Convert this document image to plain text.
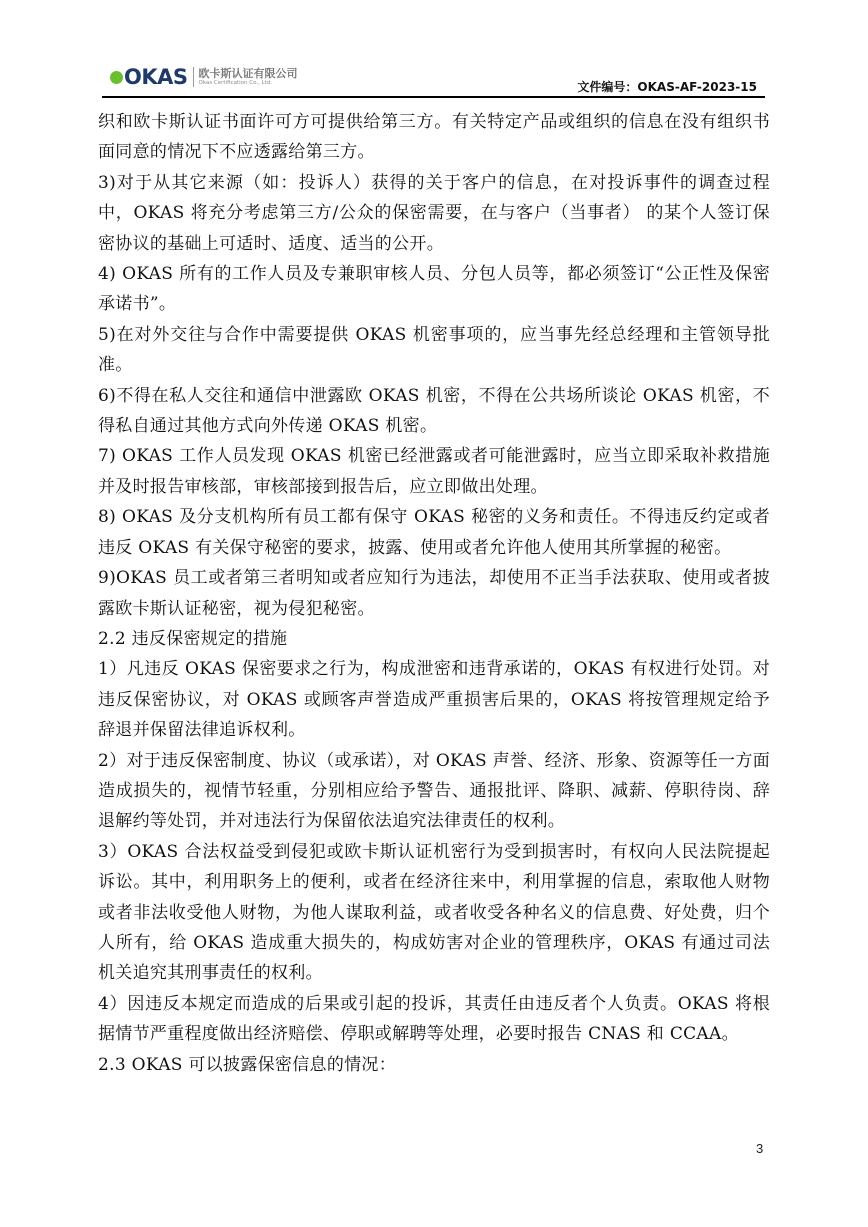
OKAS 欧卡斯认证有限公司
Okas Certification Co., Ltd.	文件编号：OKAS-AF-2023-15

织和欧卡斯认证书面许可方可提供给第三方。有关特定产品或组织的信息在没有组织书面同意的情况下不应透露给第三方。

3)对于从其它来源（如：投诉人）获得的关于客户的信息，在对投诉事件的调查过程中，OKAS 将充分考虑第三方/公众的保密需要，在与客户（当事者） 的某个人签订保密协议的基础上可适时、适度、适当的公开。

4) OKAS 所有的工作人员及专兼职审核人员、分包人员等，都必须签订“公正性及保密承诺书”。

5)在对外交往与合作中需要提供 OKAS 机密事项的，应当事先经总经理和主管领导批准。

6)不得在私人交往和通信中泄露欧 OKAS 机密，不得在公共场所谈论 OKAS 机密，不得私自通过其他方式向外传递 OKAS 机密。

7) OKAS 工作人员发现 OKAS 机密已经泄露或者可能泄露时，应当立即采取补救措施并及时报告审核部，审核部接到报告后，应立即做出处理。

8) OKAS 及分支机构所有员工都有保守 OKAS 秘密的义务和责任。不得违反约定或者违反 OKAS 有关保守秘密的要求，披露、使用或者允许他人使用其所掌握的秘密。

9)OKAS 员工或者第三者明知或者应知行为违法，却使用不正当手法获取、使用或者披露欧卡斯认证秘密，视为侵犯秘密。

2.2 违反保密规定的措施

1）凡违反 OKAS 保密要求之行为，构成泄密和违背承诺的，OKAS 有权进行处罚。对违反保密协议，对 OKAS 或顾客声誉造成严重损害后果的，OKAS 将按管理规定给予辞退并保留法律追诉权利。

2）对于违反保密制度、协议（或承诺），对 OKAS 声誉、经济、形象、资源等任一方面造成损失的，视情节轻重，分别相应给予警告、通报批评、降职、减薪、停职待岗、辞退解约等处罚，并对违法行为保留依法追究法律责任的权利。

3）OKAS 合法权益受到侵犯或欧卡斯认证机密行为受到损害时，有权向人民法院提起诉讼。其中，利用职务上的便利，或者在经济往来中，利用掌握的信息，索取他人财物或者非法收受他人财物，为他人谋取利益，或者收受各种名义的信息费、好处费，归个人所有，给 OKAS 造成重大损失的，构成妨害对企业的管理秩序，OKAS 有通过司法机关追究其刑事责任的权利。

4）因违反本规定而造成的后果或引起的投诉，其责任由违反者个人负责。OKAS 将根据情节严重程度做出经济赔偿、停职或解聘等处理，必要时报告 CNAS 和 CCAA。

2.3 OKAS 可以披露保密信息的情况：

3
